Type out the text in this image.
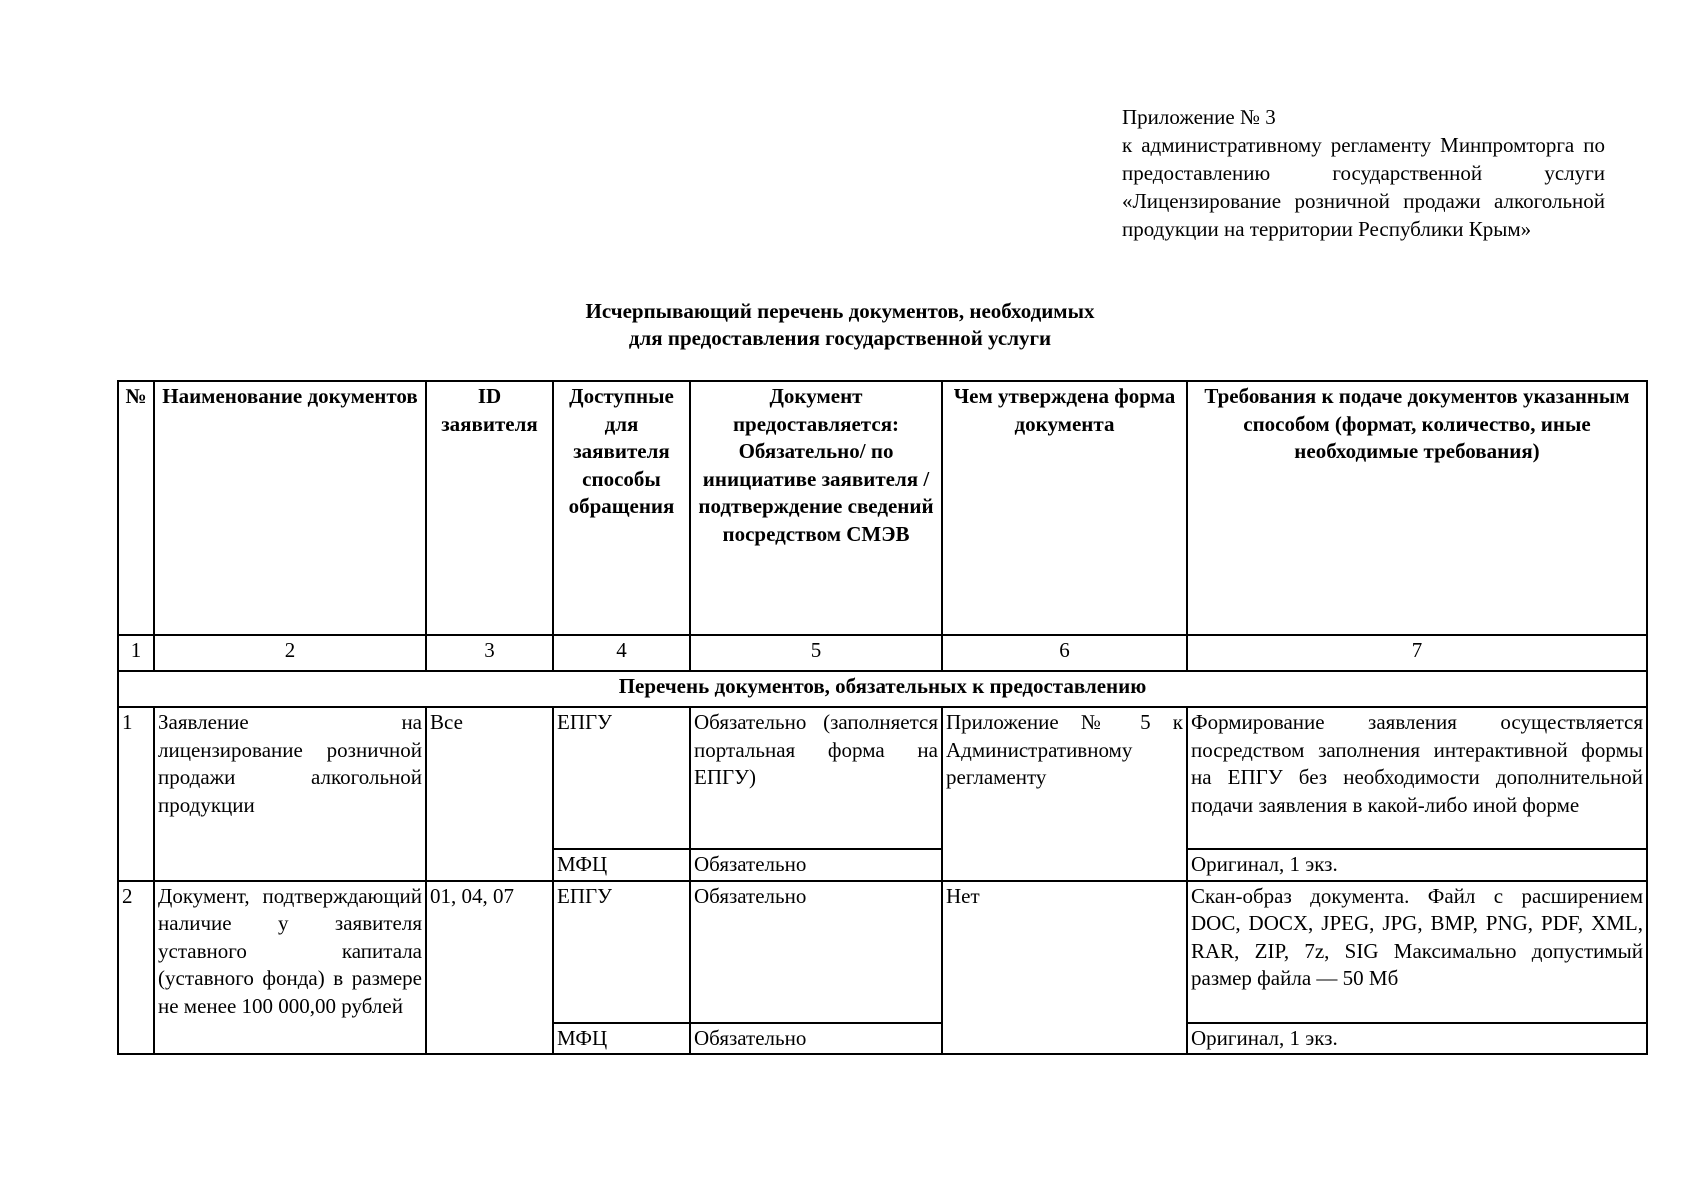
Приложение № 3
к административному регламенту Минпромторга по предоставлению государственной услуги «Лицензирование розничной продажи алкогольной продукции на территории Республики Крым»
Исчерпывающий перечень документов, необходимых
для предоставления государственной услуги
№	Наименование документов	ID заявителя	Доступные для заявителя способы обращения	Документ предоставляется: Обязательно/ по инициативе заявителя /подтверждение сведений посредством СМЭВ	Чем утверждена форма документа	Требования к подаче документов указанным способом (формат, количество, иные необходимые требования)
1	2	3	4	5	6	7
Перечень документов, обязательных к предоставлению						
1	Заявление на лицензирование розничной продажи алкогольной продукции	Все	ЕПГУ	Обязательно (заполняется портальная форма на ЕПГУ)	Приложение № 5 к Административному регламенту	Формирование заявления осуществляется посредством заполнения интерактивной формы на ЕПГУ без необходимости дополнительной подачи заявления в какой-либо иной форме
			МФЦ	Обязательно		Оригинал, 1 экз.
2	Документ, подтверждающий наличие у заявителя уставного капитала (уставного фонда) в размере не менее 100 000,00 рублей	01, 04, 07	ЕПГУ	Обязательно	Нет	Скан-образ документа. Файл с расширением DOC, DOCX, JPEG, JPG, BMP, PNG, PDF, XML, RAR, ZIP, 7z, SIG Максимально допустимый размер файла — 50 Мб
			МФЦ	Обязательно		Оригинал, 1 экз.
